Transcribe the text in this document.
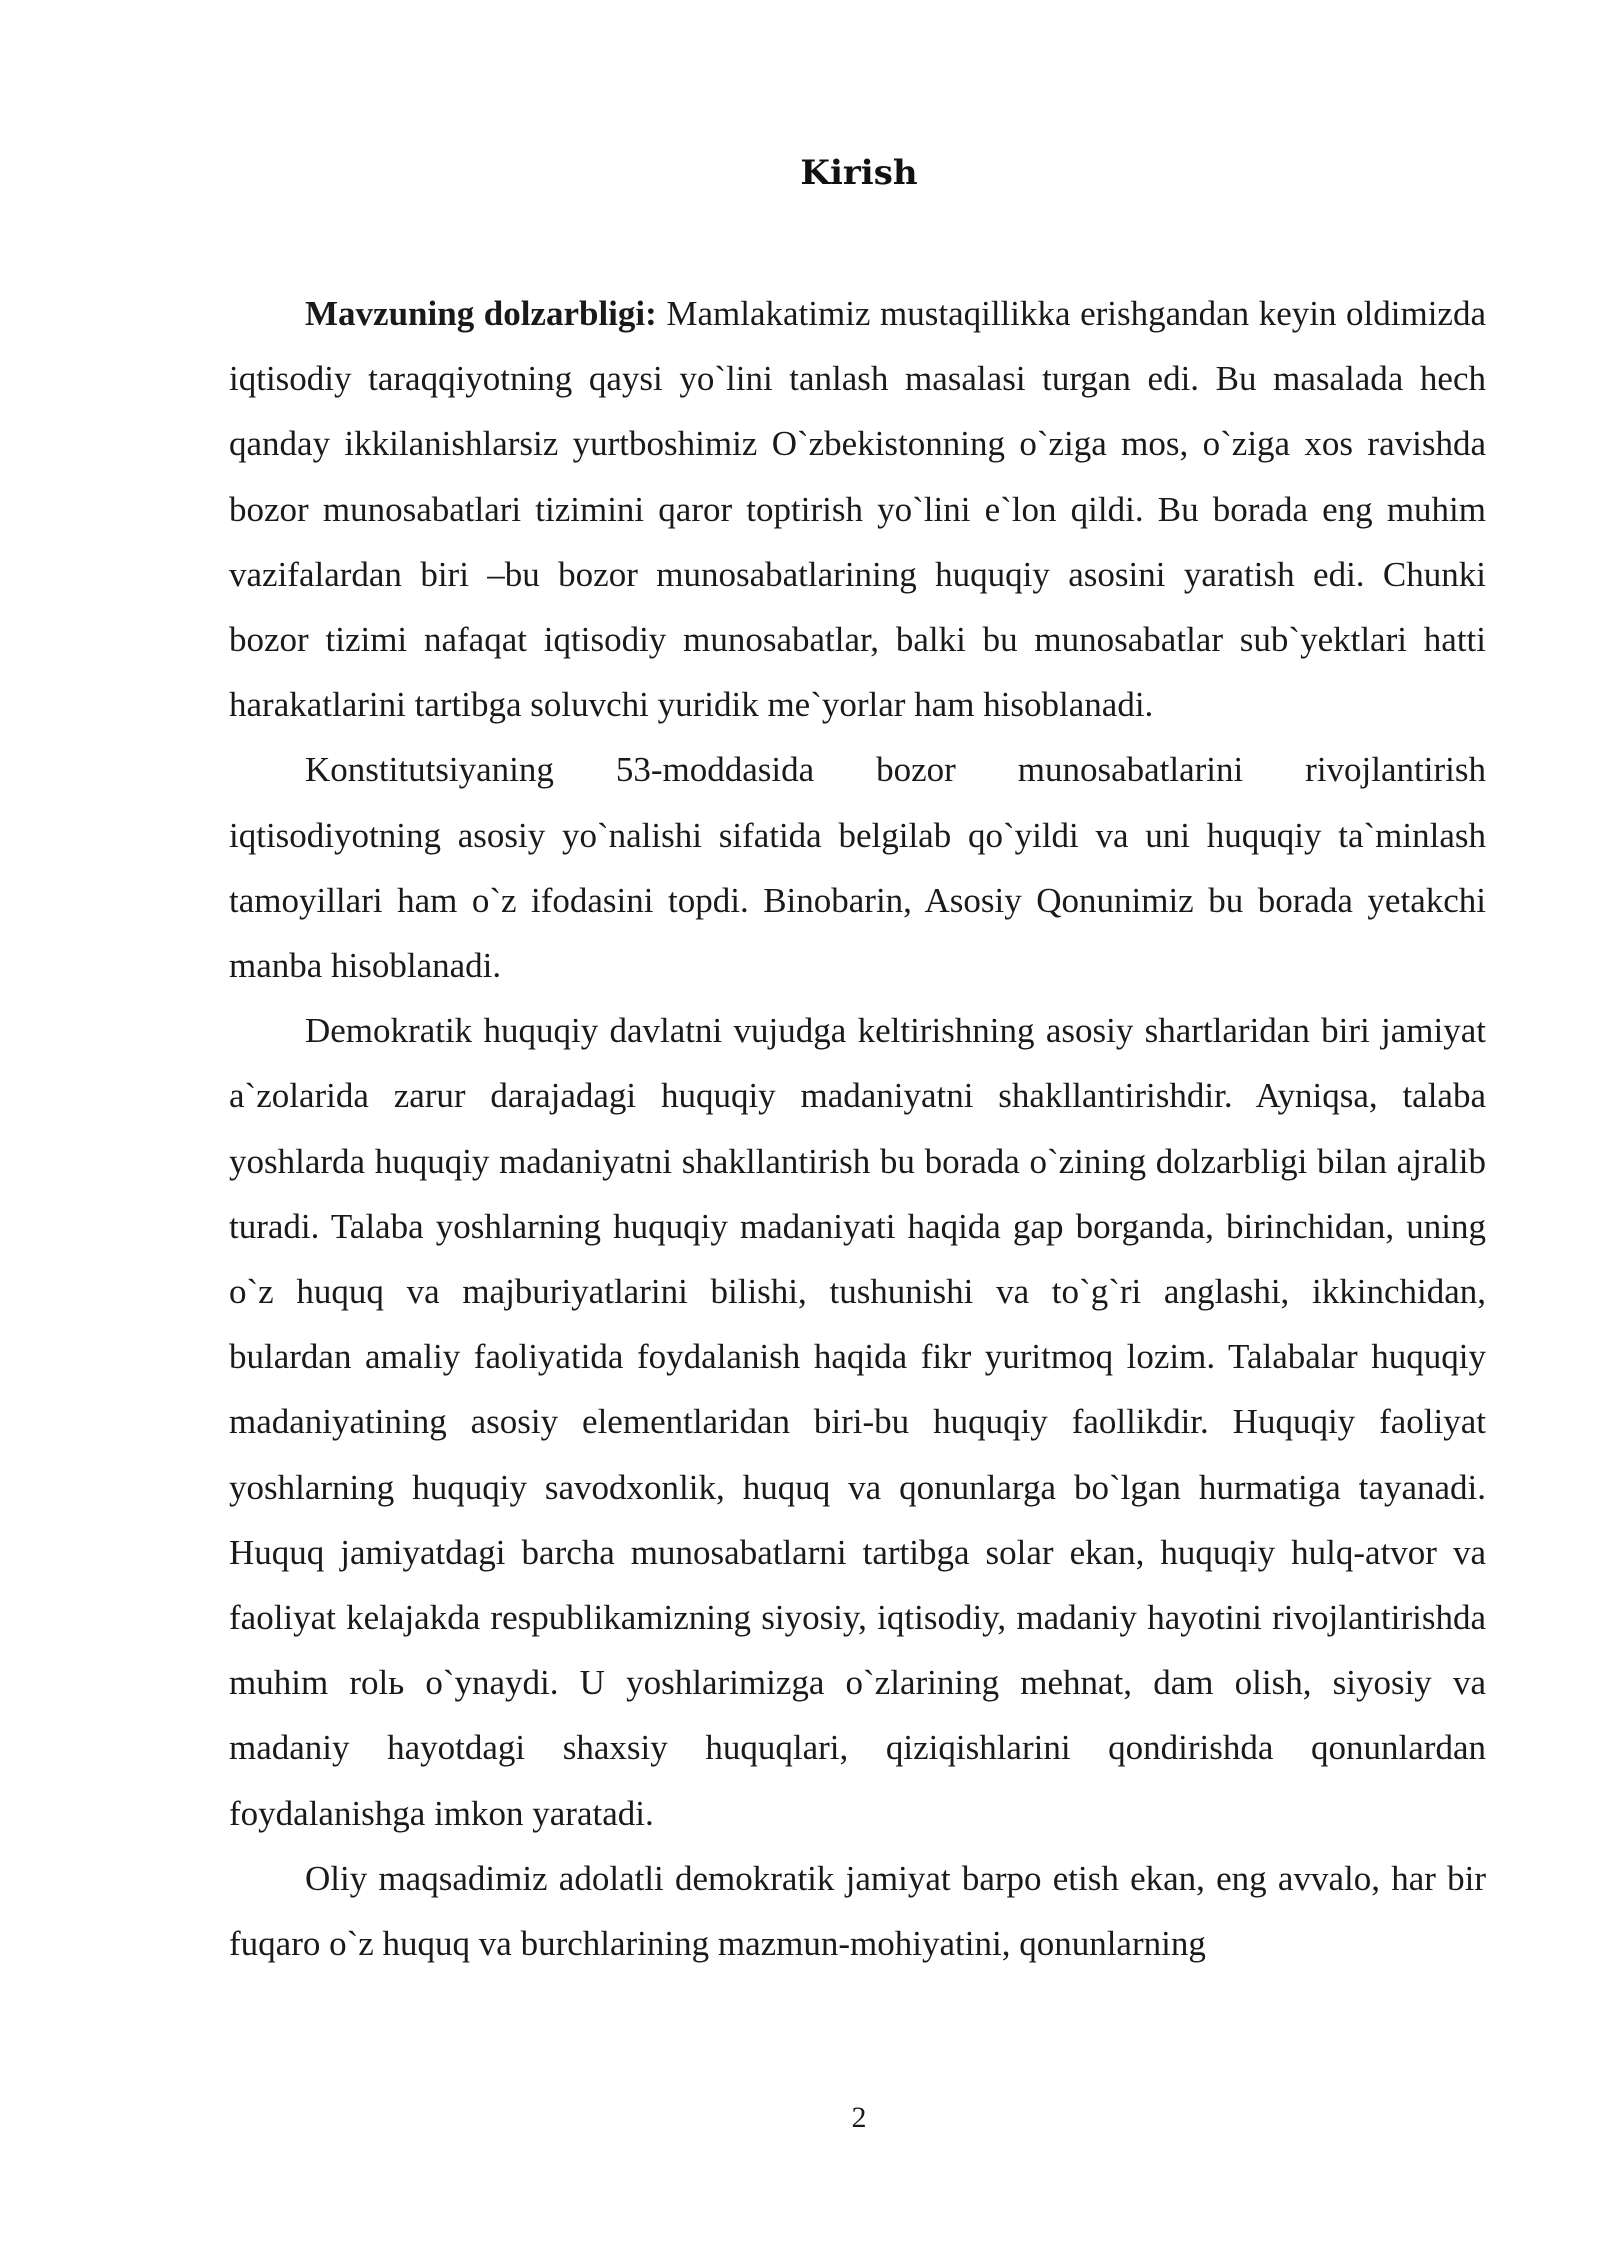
Kirish

Mavzuning dolzarbligi: Mamlakatimiz mustaqillikka erishgandan keyin oldimizda iqtisodiy taraqqiyotning qaysi yo`lini tanlash masalasi turgan edi. Bu masalada hech qanday ikkilanishlarsiz yurtboshimiz O`zbekistonning o`ziga mos, o`ziga xos ravishda bozor munosabatlari tizimini qaror toptirish yo`lini e`lon qildi. Bu borada eng muhim vazifalardan biri –bu bozor munosabatlarining huquqiy asosini yaratish edi. Chunki bozor tizimi nafaqat iqtisodiy munosabatlar, balki bu munosabatlar sub`yektlari hatti harakatlarini tartibga soluvchi yuridik me`yorlar ham hisoblanadi.

Konstitutsiyaning 53-moddasida bozor munosabatlarini rivojlantirish iqtisodiyotning asosiy yo`nalishi sifatida belgilab qo`yildi va uni huquqiy ta`minlash tamoyillari ham o`z ifodasini topdi. Binobarin, Asosiy Qonunimiz bu borada yetakchi manba hisoblanadi.

Demokratik huquqiy davlatni vujudga keltirishning asosiy shartlaridan biri jamiyat a`zolarida zarur darajadagi huquqiy madaniyatni shakllantirishdir. Ayniqsa, talaba yoshlarda huquqiy madaniyatni shakllantirish bu borada o`zining dolzarbligi bilan ajralib turadi. Talaba yoshlarning huquqiy madaniyati haqida gap borganda, birinchidan, uning o`z huquq va majburiyatlarini bilishi, tushunishi va to`g`ri anglashi, ikkinchidan, bulardan amaliy faoliyatida foydalanish haqida fikr yuritmoq lozim. Talabalar huquqiy madaniyatining asosiy elementlaridan biri-bu huquqiy faollikdir. Huquqiy faoliyat yoshlarning huquqiy savodxonlik, huquq va qonunlarga bo`lgan hurmatiga tayanadi. Huquq jamiyatdagi barcha munosabatlarni tartibga solar ekan, huquqiy hulq-atvor va faoliyat kelajakda respublikamizning siyosiy, iqtisodiy, madaniy hayotini rivojlantirishda muhim rolь o`ynaydi. U yoshlarimizga o`zlarining mehnat, dam olish, siyosiy va madaniy hayotdagi shaxsiy huquqlari, qiziqishlarini qondirishda qonunlardan foydalanishga imkon yaratadi.

Oliy maqsadimiz adolatli demokratik jamiyat barpo etish ekan, eng avvalo, har bir fuqaro o`z huquq va burchlarining mazmun-mohiyatini, qonunlarning

2
